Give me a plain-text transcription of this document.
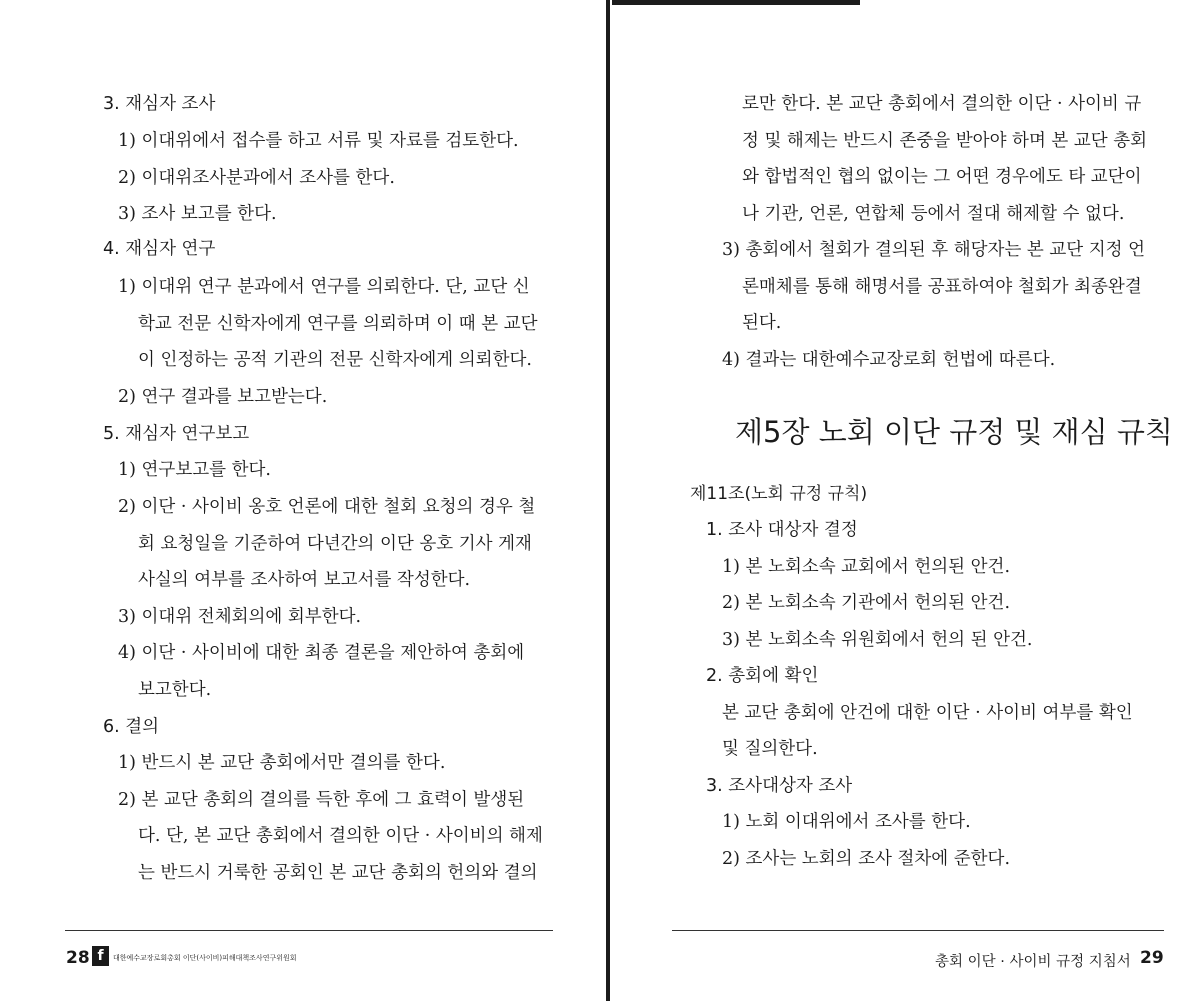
3. 재심자 조사
1) 이대위에서 접수를 하고 서류 및 자료를 검토한다.
2) 이대위조사분과에서 조사를 한다.
3) 조사 보고를 한다.
4. 재심자 연구
1) 이대위 연구 분과에서 연구를 의뢰한다. 단, 교단 신
학교 전문 신학자에게 연구를 의뢰하며 이 때 본 교단
이 인정하는 공적 기관의 전문 신학자에게 의뢰한다.
2) 연구 결과를 보고받는다.
5. 재심자 연구보고
1) 연구보고를 한다.
2) 이단 · 사이비 옹호 언론에 대한 철회 요청의 경우 철
회 요청일을 기준하여 다년간의 이단 옹호 기사 게재
사실의 여부를 조사하여 보고서를 작성한다.
3) 이대위 전체회의에 회부한다.
4) 이단 · 사이비에 대한 최종 결론을 제안하여 총회에
보고한다.
6. 결의
1) 반드시 본 교단 총회에서만 결의를 한다.
2) 본 교단 총회의 결의를 득한 후에 그 효력이 발생된
다. 단, 본 교단 총회에서 결의한 이단 · 사이비의 해제
는 반드시 거룩한 공회인 본 교단 총회의 헌의와 결의
28 f	대한예수교장로회총회 이단(사이비)피해대책조사연구위원회
로만 한다. 본 교단 총회에서 결의한 이단 · 사이비 규
정 및 해제는 반드시 존중을 받아야 하며 본 교단 총회
와 합법적인 협의 없이는 그 어떤 경우에도 타 교단이
나 기관, 언론, 연합체 등에서 절대 해제할 수 없다.
3) 총회에서 철회가 결의된 후 해당자는 본 교단 지정 언
론매체를 통해 해명서를 공표하여야 철회가 최종완결
된다.
4) 결과는 대한예수교장로회 헌법에 따른다.
제5장 노회 이단 규정 및 재심 규칙
제11조(노회 규정 규칙)
1. 조사 대상자 결정
1) 본 노회소속 교회에서 헌의된 안건.
2) 본 노회소속 기관에서 헌의된 안건.
3) 본 노회소속 위원회에서 헌의 된 안건.
2. 총회에 확인
본 교단 총회에 안건에 대한 이단 · 사이비 여부를 확인
및 질의한다.
3. 조사대상자 조사
1) 노회 이대위에서 조사를 한다.
2) 조사는 노회의 조사 절차에 준한다.
총회 이단 · 사이비 규정 지침서 29
